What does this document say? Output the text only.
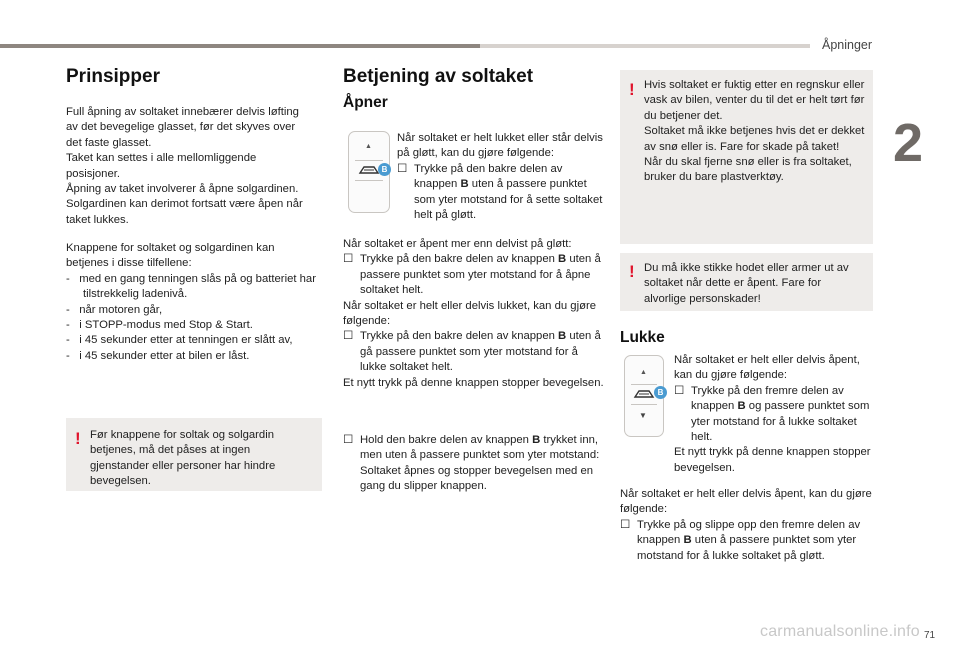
Åpninger
2

Prinsipper

Full åpning av soltaket innebærer delvis løfting
av det bevegelige glasset, før det skyves over
det faste glasset.
Taket kan settes i alle mellomliggende
posisjoner.
Åpning av taket involverer å åpne solgardinen.
Solgardinen kan derimot fortsatt være åpen når
taket lukkes.

Knappene for soltaket og solgardinen kan
betjenes i disse tilfellene:
-   med en gang tenningen slås på og batteriet har tilstrekkelig ladenivå.
-   når motoren går,
-   i STOPP-modus med Stop & Start.
-   i 45 sekunder etter at tenningen er slått av,
-   i 45 sekunder etter at bilen er låst.

! Før knappene for soltak og solgardin betjenes, må det påses at ingen gjenstander eller personer har hindre bevegelsen.

Betjening av soltaket

Åpner

▲
B

Når soltaket er helt lukket eller står delvis på gløtt, kan du gjøre følgende:

☐ Trykke på den bakre delen av knappen B uten å passere punktet som yter motstand for å sette soltaket helt på gløtt.

Når soltaket er åpent mer enn delvist på gløtt:

☐ Trykke på den bakre delen av knappen B uten å passere punktet som yter motstand for å åpne soltaket helt.

Når soltaket er helt eller delvis lukket, kan du gjøre følgende:

☐ Trykke på den bakre delen av knappen B uten å gå passere punktet som yter motstand for å lukke soltaket helt.

Et nytt trykk på denne knappen stopper bevegelsen.

☐ Hold den bakre delen av knappen B trykket inn, men uten å passere punktet som yter motstand: Soltaket åpnes og stopper bevegelsen med en gang du slipper knappen.

! Hvis soltaket er fuktig etter en regnskur eller vask av bilen, venter du til det er helt tørt før du betjener det.
Soltaket må ikke betjenes hvis det er dekket av snø eller is. Fare for skade på taket!
Når du skal fjerne snø eller is fra soltaket, bruker du bare plastverktøy.

! Du må ikke stikke hodet eller armer ut av soltaket når dette er åpent. Fare for alvorlige personskader!

Lukke

▲
▼
B

Når soltaket er helt eller delvis åpent, kan du gjøre følgende:

☐ Trykke på den fremre delen av knappen B og passere punktet som yter motstand for å lukke soltaket helt.

Et nytt trykk på denne knappen stopper bevegelsen.

Når soltaket er helt eller delvis åpent, kan du gjøre følgende:

☐ Trykke på og slippe opp den fremre delen av knappen B uten å passere punktet som yter motstand for å lukke soltaket på gløtt.

carmanualsonline.info 71
